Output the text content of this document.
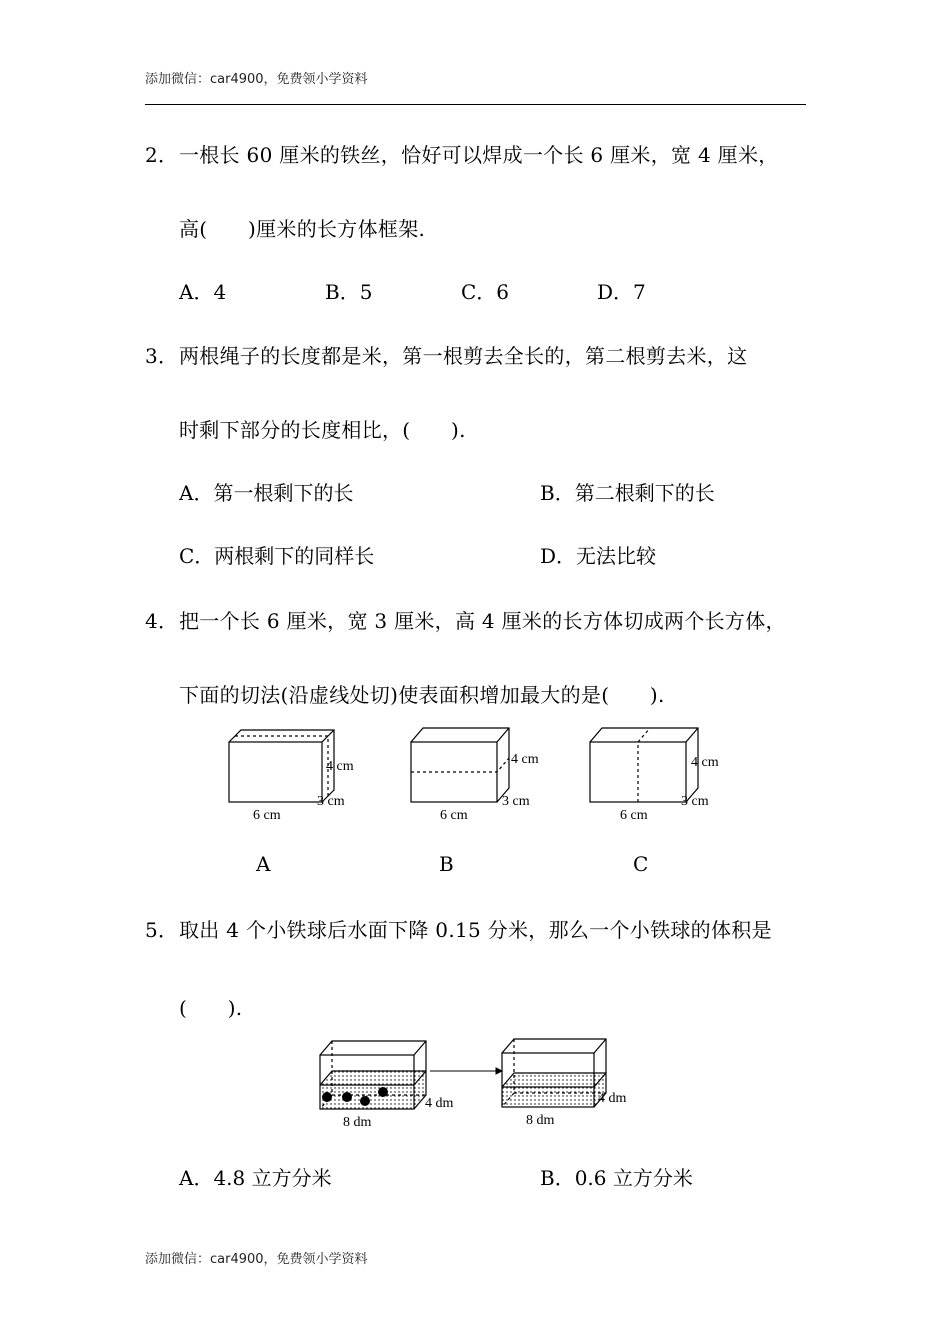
添加微信：car4900，免费领小学资料
2．一根长 60 厘米的铁丝，恰好可以焊成一个长 6 厘米，宽 4 厘米，
高(　　)厘米的长方体框架.
A．4	B．5	C．6	D．7
3．两根绳子的长度都是米，第一根剪去全长的，第二根剪去米，这
时剩下部分的长度相比，(　　).
A．第一根剩下的长	B．第二根剩下的长
C．两根剩下的同样长	D．无法比较
4．把一个长 6 厘米，宽 3 厘米，高 4 厘米的长方体切成两个长方体，
下面的切法(沿虚线处切)使表面积增加最大的是(　　).
4 cm
3 cm
6 cm
4 cm
3 cm
6 cm
4 cm
3 cm
6 cm
A	B	C
5．取出 4 个小铁球后水面下降 0.15 分米，那么一个小铁球的体积是
(　　).
4 dm
8 dm
4 dm
8 dm
A．4.8 立方分米	B．0.6 立方分米
添加微信：car4900，免费领小学资料
